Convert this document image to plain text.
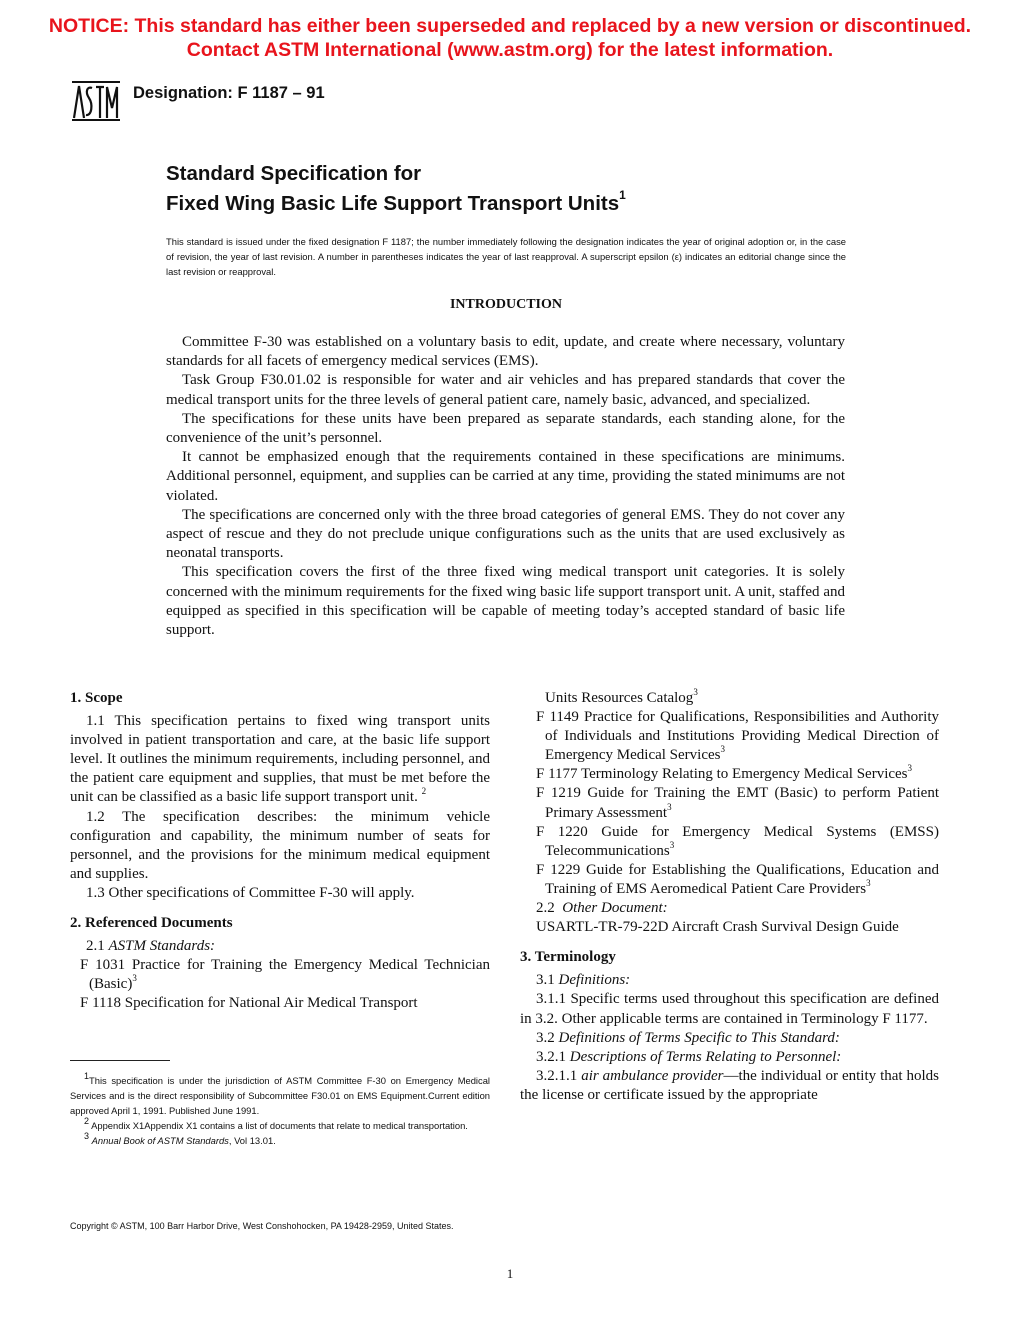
NOTICE: This standard has either been superseded and replaced by a new version or discontinued.
Contact ASTM International (www.astm.org) for the latest information.
Designation: F 1187 – 91
Standard Specification for
Fixed Wing Basic Life Support Transport Units$^1$
This standard is issued under the fixed designation F 1187; the number immediately following the designation indicates the year of original adoption or, in the case of revision, the year of last revision. A number in parentheses indicates the year of last reapproval. A superscript epsilon (ε) indicates an editorial change since the last revision or reapproval.
INTRODUCTION

Committee F-30 was established on a voluntary basis to edit, update, and create where necessary, voluntary standards for all facets of emergency medical services (EMS).

Task Group F30.01.02 is responsible for water and air vehicles and has prepared standards that cover the medical transport units for the three levels of general patient care, namely basic, advanced, and specialized.

The specifications for these units have been prepared as separate standards, each standing alone, for the convenience of the unit’s personnel.

It cannot be emphasized enough that the requirements contained in these specifications are minimums. Additional personnel, equipment, and supplies can be carried at any time, providing the stated minimums are not violated.

The specifications are concerned only with the three broad categories of general EMS. They do not cover any aspect of rescue and they do not preclude unique configurations such as the units that are used exclusively as neonatal transports.

This specification covers the first of the three fixed wing medical transport unit categories. It is solely concerned with the minimum requirements for the fixed wing basic life support transport unit. A unit, staffed and equipped as specified in this specification will be capable of meeting today’s accepted standard of basic life support.

1. Scope

1.1 This specification pertains to fixed wing transport units involved in patient transportation and care, at the basic life support level. It outlines the minimum requirements, including personnel, and the patient care equipment and supplies, that must be met before the unit can be classified as a basic life support transport unit. $^2$

1.2 The specification describes: the minimum vehicle configuration and capability, the minimum number of seats for personnel, and the provisions for the minimum medical equipment and supplies.

1.3 Other specifications of Committee F-30 will apply.

2. Referenced Documents

2.1 ASTM Standards:

F 1031 Practice for Training the Emergency Medical Technician (Basic)$^3$

F 1118 Specification for National Air Medical Transport

Units Resources Catalog$^3$

F 1149 Practice for Qualifications, Responsibilities and Authority of Individuals and Institutions Providing Medical Direction of Emergency Medical Services$^3$

F 1177 Terminology Relating to Emergency Medical Services$^3$

F 1219 Guide for Training the EMT (Basic) to perform Patient Primary Assessment$^3$

F 1220 Guide for Emergency Medical Systems (EMSS) Telecommunications$^3$

F 1229 Guide for Establishing the Qualifications, Education and Training of EMS Aeromedical Patient Care Providers$^3$

2.2 Other Document:

USARTL-TR-79-22D Aircraft Crash Survival Design Guide

3. Terminology

3.1 Definitions:

3.1.1 Specific terms used throughout this specification are defined in 3.2. Other applicable terms are contained in Terminology F 1177.

3.2 Definitions of Terms Specific to This Standard:

3.2.1 Descriptions of Terms Relating to Personnel:

3.2.1.1 air ambulance provider—the individual or entity that holds the license or certificate issued by the appropriate

$^1$This specification is under the jurisdiction of ASTM Committee F-30 on Emergency Medical Services and is the direct responsibility of Subcommittee F30.01 on EMS Equipment.Current edition approved April 1, 1991. Published June 1991.

$^2$ Appendix X1Appendix X1 contains a list of documents that relate to medical transportation.

$^3$ Annual Book of ASTM Standards, Vol 13.01.

Copyright © ASTM, 100 Barr Harbor Drive, West Conshohocken, PA 19428-2959, United States.
1
